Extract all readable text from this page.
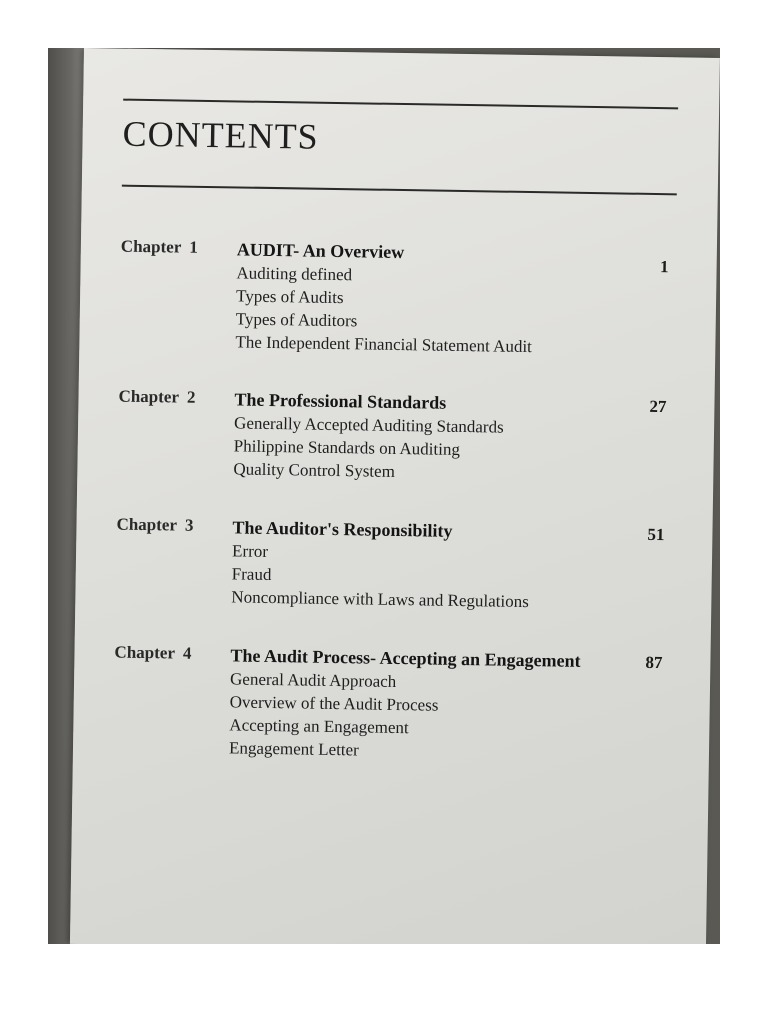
CONTENTS
Chapter 1 AUDIT- An Overview
Auditing defined
Types of Audits
Types of Auditors
The Independent Financial Statement Audit
1
Chapter 2 The Professional Standards
Generally Accepted Auditing Standards
Philippine Standards on Auditing
Quality Control System
27
Chapter 3 The Auditor's Responsibility
Error
Fraud
Noncompliance with Laws and Regulations
51
Chapter 4 The Audit Process- Accepting an Engagement
General Audit Approach
Overview of the Audit Process
Accepting an Engagement
Engagement Letter
87
